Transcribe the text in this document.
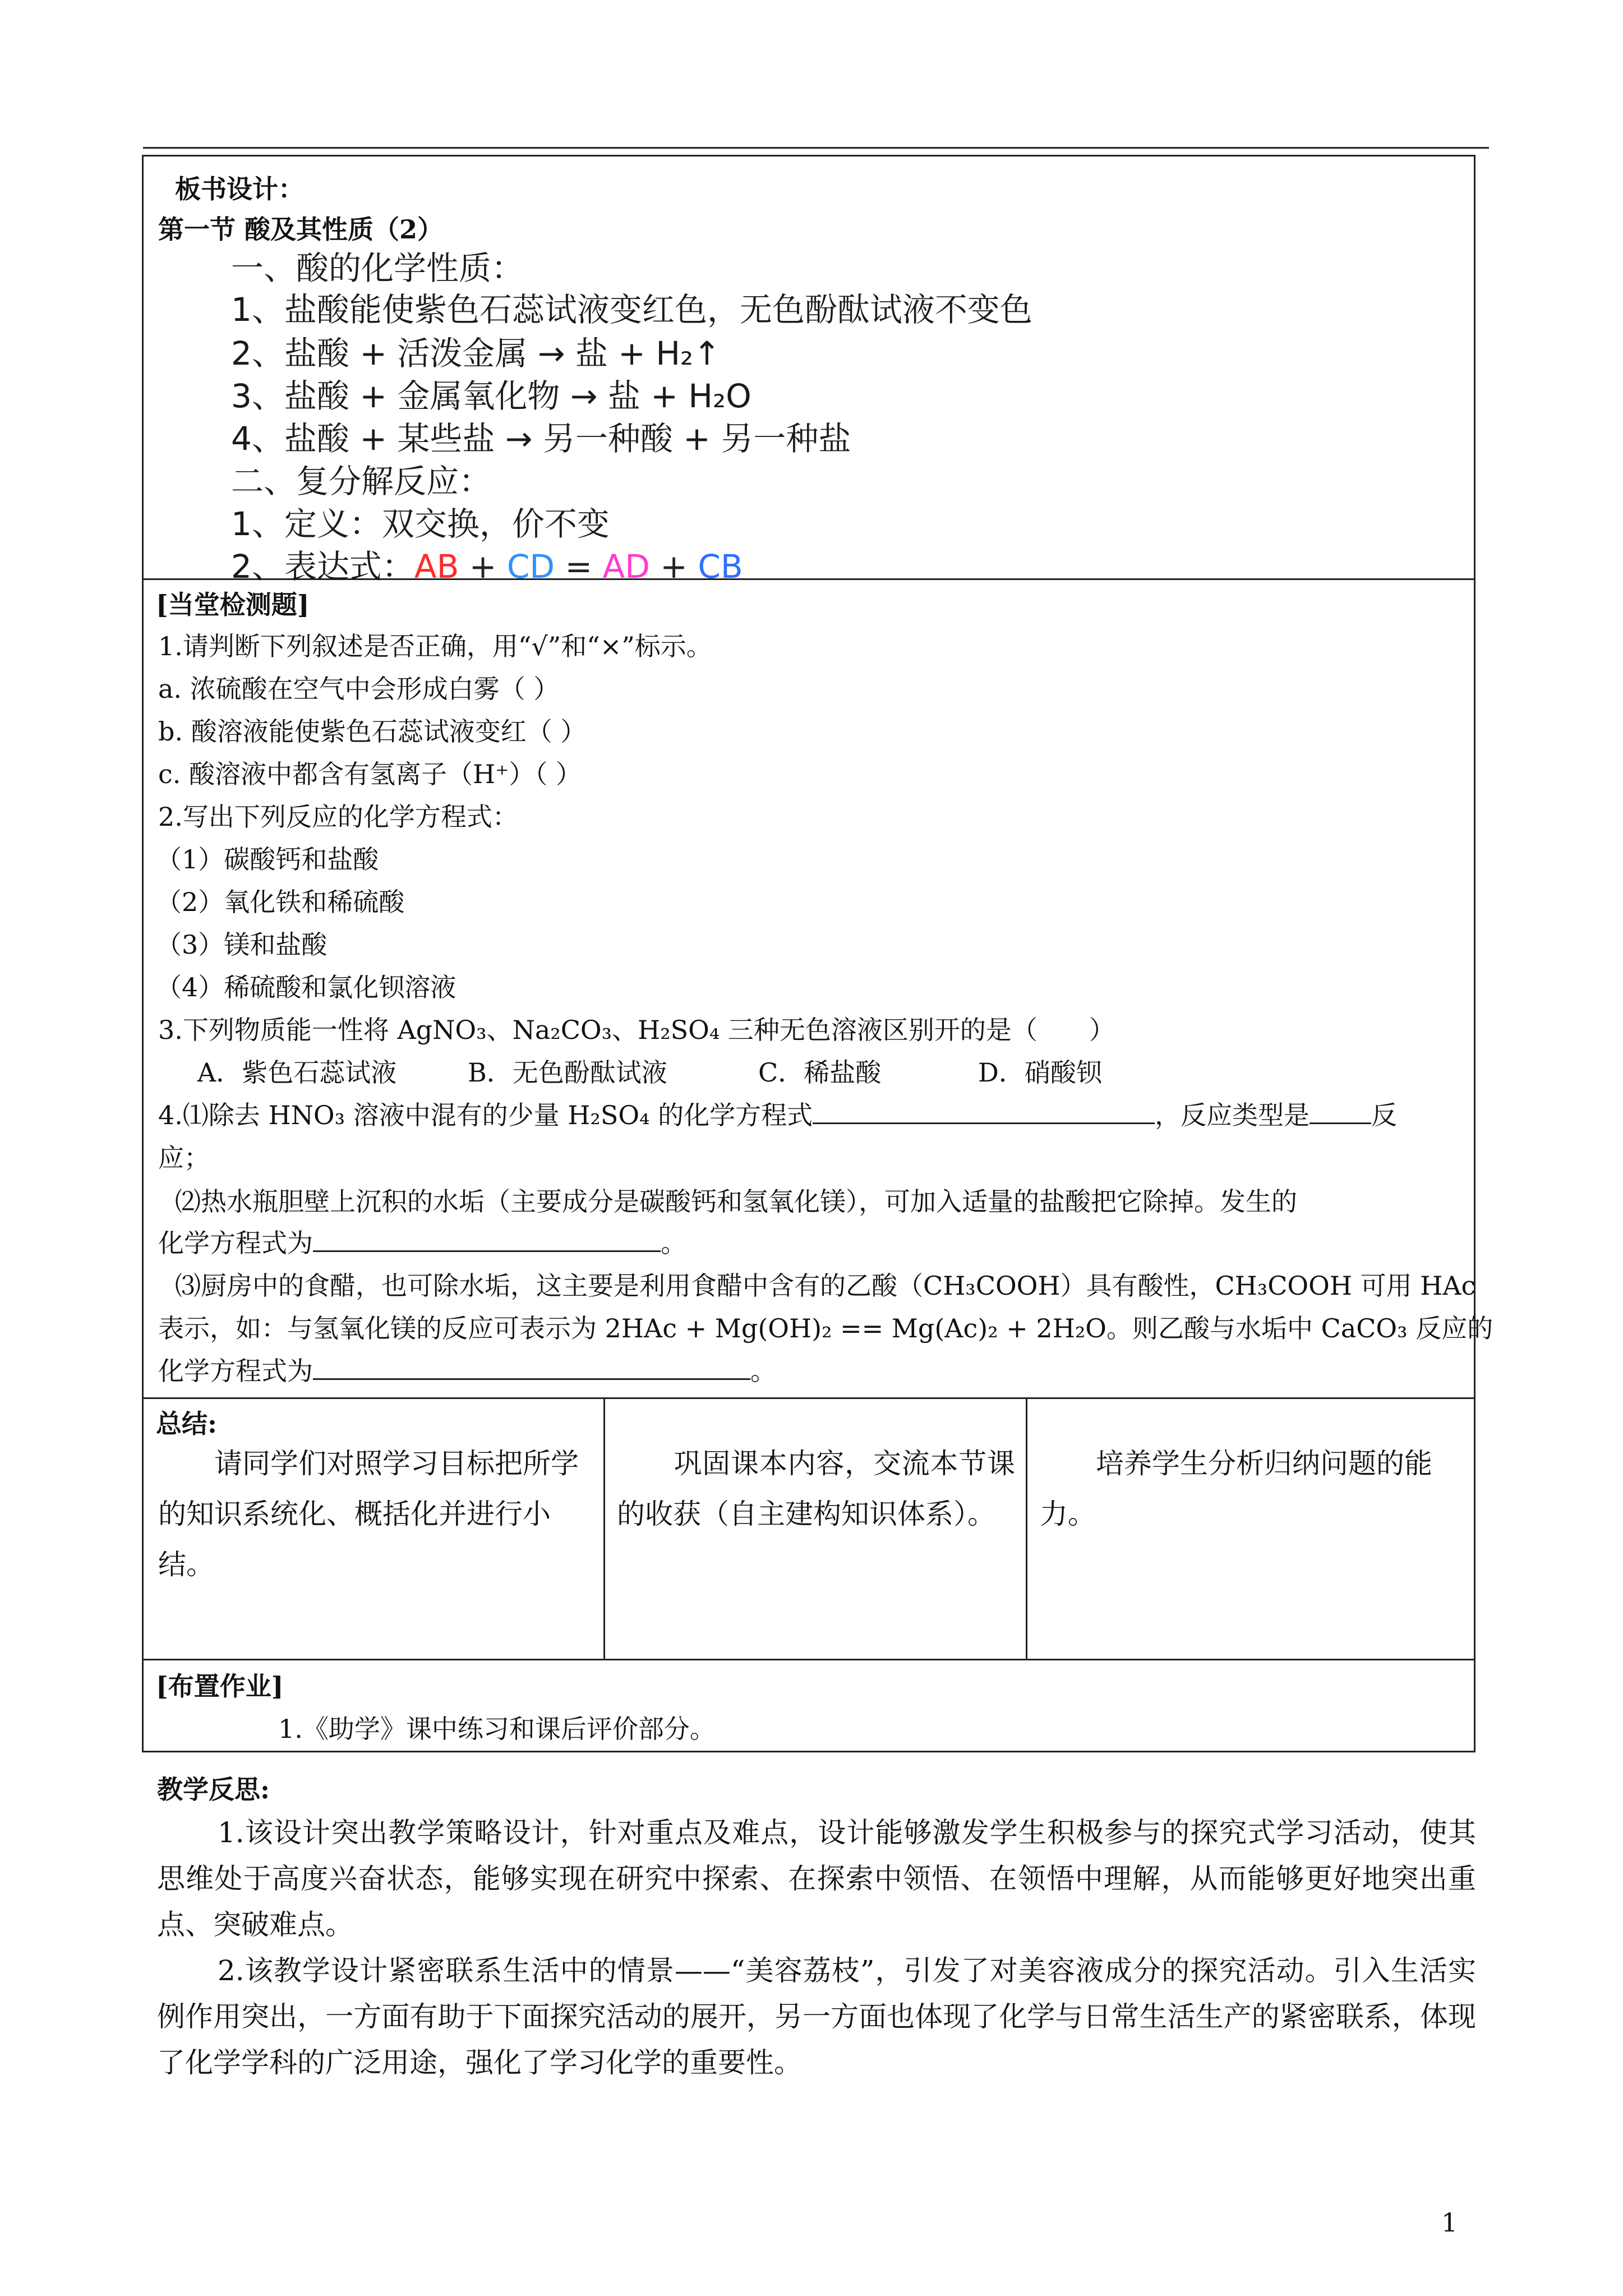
板书设计：
第一节 酸及其性质（2）
一、酸的化学性质：
1、盐酸能使紫色石蕊试液变红色，无色酚酞试液不变色
2、盐酸 + 活泼金属 → 盐 + H₂↑
3、盐酸 + 金属氧化物 → 盐 + H₂O
4、盐酸 + 某些盐 → 另一种酸 + 另一种盐
二、复分解反应：
1、定义：双交换，价不变
2、表达式：AB + CD = AD + CB
[当堂检测题]
1.请判断下列叙述是否正确，用“√”和“×”标示。
a. 浓硫酸在空气中会形成白雾（ ）
b. 酸溶液能使紫色石蕊试液变红（ ）
c. 酸溶液中都含有氢离子（H⁺）（ ）
2.写出下列反应的化学方程式：
（1）碳酸钙和盐酸
（2）氧化铁和稀硫酸
（3）镁和盐酸
（4）稀硫酸和氯化钡溶液
3.下列物质能一性将 AgNO₃、Na₂CO₃、H₂SO₄ 三种无色溶液区别开的是（　　）
A．紫色石蕊试液	B．无色酚酞试液	C．稀盐酸	D．硝酸钡
4.⑴除去 HNO₃ 溶液中混有的少量 H₂SO₄ 的化学方程式	，反应类型是 反
应；
⑵热水瓶胆壁上沉积的水垢（主要成分是碳酸钙和氢氧化镁），可加入适量的盐酸把它除掉。发生的
化学方程式为	。
⑶厨房中的食醋，也可除水垢，这主要是利用食醋中含有的乙酸（CH₃COOH）具有酸性，CH₃COOH 可用 HAc
表示，如：与氢氧化镁的反应可表示为 2HAc + Mg(OH)₂ == Mg(Ac)₂ + 2H₂O。则乙酸与水垢中 CaCO₃ 反应的
化学方程式为	。
总结:
　　请同学们对照学习目标把所学的知识系统化、概括化并进行小结。
　　巩固课本内容，交流本节课的收获（自主建构知识体系）。
　　培养学生分析归纳问题的能力。
[布置作业]
1.《助学》课中练习和课后评价部分。
教学反思:
1.该设计突出教学策略设计，针对重点及难点，设计能够激发学生积极参与的探究式学习活动，使其思维处于高度兴奋状态，能够实现在研究中探索、在探索中领悟、在领悟中理解，从而能够更好地突出重点、突破难点。
2.该教学设计紧密联系生活中的情景——“美容荔枝”，引发了对美容液成分的探究活动。引入生活实例作用突出，一方面有助于下面探究活动的展开，另一方面也体现了化学与日常生活生产的紧密联系，体现了化学学科的广泛用途，强化了学习化学的重要性。
1
